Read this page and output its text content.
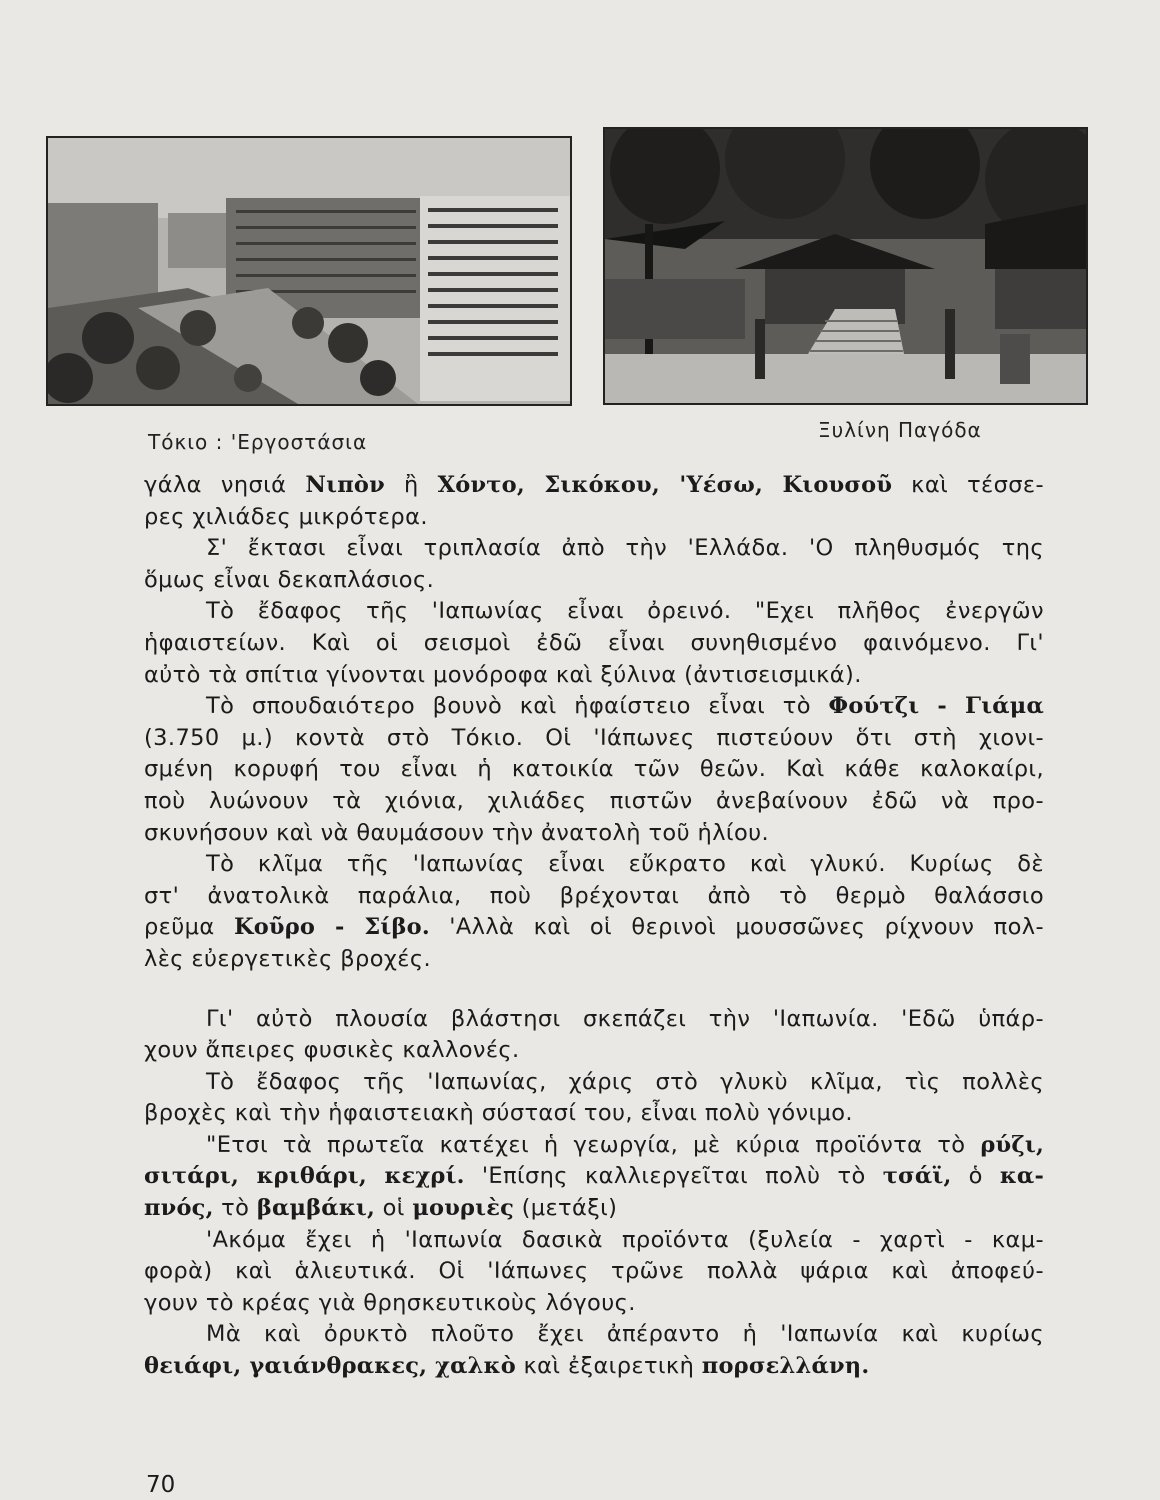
Τόκιο : 'Εργοστάσια	Ξυλίνη Παγόδα
γάλα νησιά Νιπὸν ἢ Χόντο, Σικόκου, 'Υέσω, Κιουσοῦ καὶ τέσσε-
ρες χιλιάδες μικρότερα.
Σ' ἔκτασι εἶναι τριπλασία ἀπὸ τὴν 'Ελλάδα. 'Ο πληθυσμός της
ὅμως εἶναι δεκαπλάσιος.
Τὸ ἔδαφος τῆς 'Ιαπωνίας εἶναι ὀρεινό. "Εχει πλῆθος ἐνεργῶν
ἡφαιστείων. Καὶ οἱ σεισμοὶ ἐδῶ εἶναι συνηθισμένο φαινόμενο. Γι'
αὐτὸ τὰ σπίτια γίνονται μονόροφα καὶ ξύλινα (ἀντισεισμικά).
Τὸ σπουδαιότερο βουνὸ καὶ ἡφαίστειο εἶναι τὸ Φούτζι - Γιάμα
(3.750 μ.) κοντὰ στὸ Τόκιο. Οἱ 'Ιάπωνες πιστεύουν ὅτι στὴ χιονι-
σμένη κορυφή του εἶναι ἡ κατοικία τῶν θεῶν. Καὶ κάθε καλοκαίρι,
ποὺ λυώνουν τὰ χιόνια, χιλιάδες πιστῶν ἀνεβαίνουν ἐδῶ νὰ προ-
σκυνήσουν καὶ νὰ θαυμάσουν τὴν ἀνατολὴ τοῦ ἡλίου.
Τὸ κλῖμα τῆς 'Ιαπωνίας εἶναι εὔκρατο καὶ γλυκύ. Κυρίως δὲ
στ' ἀνατολικὰ παράλια, ποὺ βρέχονται ἀπὸ τὸ θερμὸ θαλάσσιο
ρεῦμα Κοῦρο - Σίβο. 'Αλλὰ καὶ οἱ θερινοὶ μουσσῶνες ρίχνουν πολ-
λὲς εὐεργετικὲς βροχές.
Γι' αὐτὸ πλουσία βλάστησι σκεπάζει τὴν 'Ιαπωνία. 'Εδῶ ὑπάρ-
χουν ἄπειρες φυσικὲς καλλονές.
Τὸ ἔδαφος τῆς 'Ιαπωνίας, χάρις στὸ γλυκὺ κλῖμα, τὶς πολλὲς
βροχὲς καὶ τὴν ἡφαιστειακὴ σύστασί του, εἶναι πολὺ γόνιμο.
"Ετσι τὰ πρωτεῖα κατέχει ἡ γεωργία, μὲ κύρια προϊόντα τὸ ρύζι,
σιτάρι, κριθάρι, κεχρί. 'Επίσης καλλιεργεῖται πολὺ τὸ τσάϊ, ὁ κα-
πνός, τὸ βαμβάκι, οἱ μουριὲς (μετάξι)
'Ακόμα ἔχει ἡ 'Ιαπωνία δασικὰ προϊόντα (ξυλεία - χαρτὶ - καμ-
φορὰ) καὶ ἁλιευτικά. Οἱ 'Ιάπωνες τρῶνε πολλὰ ψάρια καὶ ἀποφεύ-
γουν τὸ κρέας γιὰ θρησκευτικοὺς λόγους.
Μὰ καὶ ὀρυκτὸ πλοῦτο ἔχει ἀπέραντο ἡ 'Ιαπωνία καὶ κυρίως
θειάφι, γαιάνθρακες, χαλκὸ καὶ ἐξαιρετικὴ πορσελλάνη.
70
